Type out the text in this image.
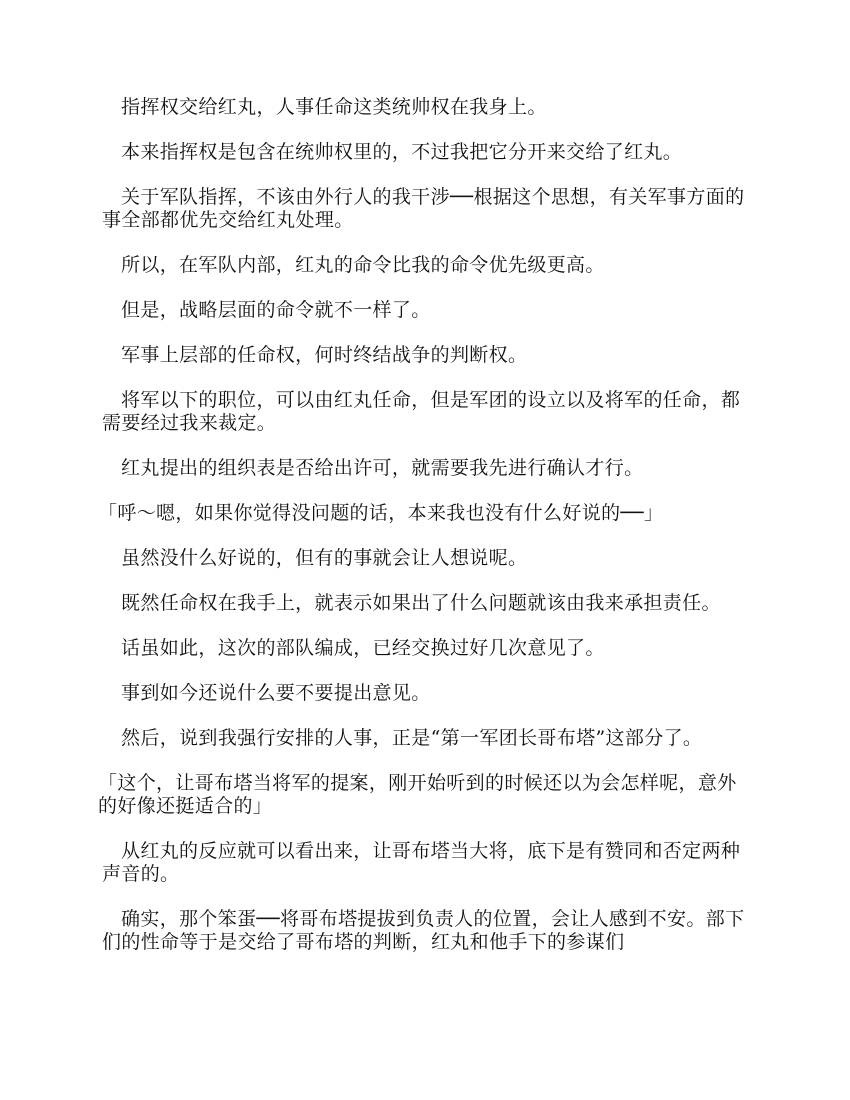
指挥权交给红丸，人事任命这类统帅权在我身上。

本来指挥权是包含在统帅权里的，不过我把它分开来交给了红丸。

关于军队指挥，不该由外行人的我干涉──根据这个思想，有关军事方面的事全部都优先交给红丸处理。

所以，在军队内部，红丸的命令比我的命令优先级更高。

但是，战略层面的命令就不一样了。

军事上层部的任命权，何时终结战争的判断权。

将军以下的职位，可以由红丸任命，但是军团的设立以及将军的任命，都需要经过我来裁定。

红丸提出的组织表是否给出许可，就需要我先进行确认才行。

「呼～嗯，如果你觉得没问题的话，本来我也没有什么好说的──」

虽然没什么好说的，但有的事就会让人想说呢。

既然任命权在我手上，就表示如果出了什么问题就该由我来承担责任。

话虽如此，这次的部队编成，已经交换过好几次意见了。

事到如今还说什么要不要提出意见。

然后，说到我强行安排的人事，正是“第一军团长哥布塔”这部分了。

「这个，让哥布塔当将军的提案，刚开始听到的时候还以为会怎样呢，意外的好像还挺适合的」

从红丸的反应就可以看出来，让哥布塔当大将，底下是有赞同和否定两种声音的。

确实，那个笨蛋──将哥布塔提拔到负责人的位置，会让人感到不安。部下们的性命等于是交给了哥布塔的判断，红丸和他手下的参谋们
